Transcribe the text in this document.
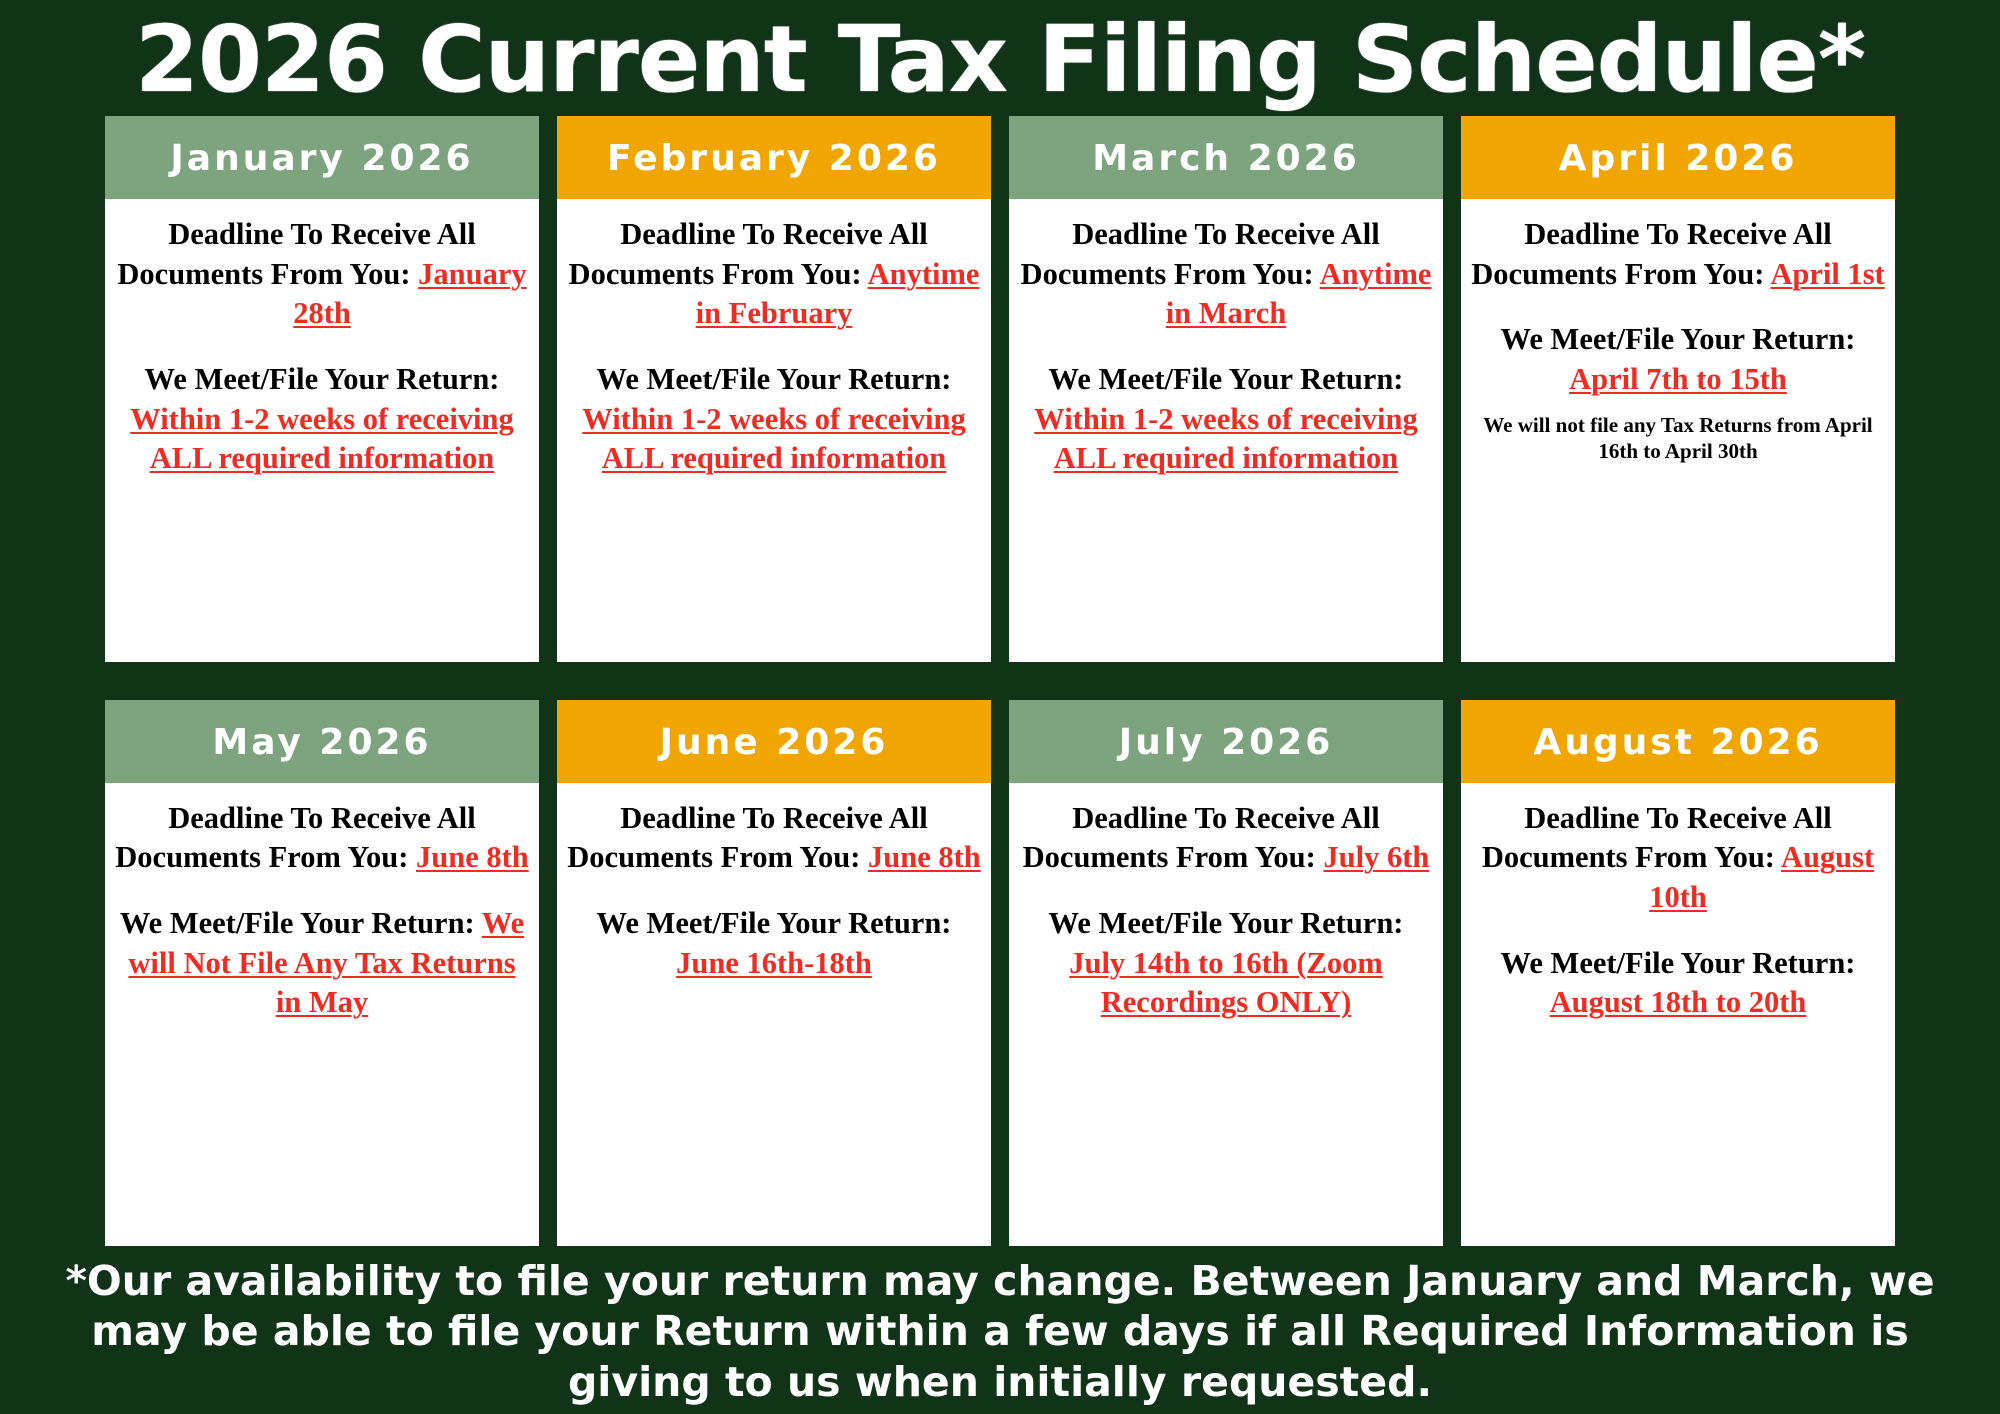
2026 Current Tax Filing Schedule*
January 2026
Deadline To Receive All Documents From You: January 28th
We Meet/File Your Return: Within 1-2 weeks of receiving ALL required information
February 2026
Deadline To Receive All Documents From You: Anytime in February
We Meet/File Your Return: Within 1-2 weeks of receiving ALL required information
March 2026
Deadline To Receive All Documents From You: Anytime in March
We Meet/File Your Return: Within 1-2 weeks of receiving ALL required information
April 2026
Deadline To Receive All Documents From You: April 1st
We Meet/File Your Return: April 7th to 15th
We will not file any Tax Returns from April 16th to April 30th
May 2026
Deadline To Receive All Documents From You: June 8th
We Meet/File Your Return: We will Not File Any Tax Returns in May
June 2026
Deadline To Receive All Documents From You: June 8th
We Meet/File Your Return: June 16th-18th
July 2026
Deadline To Receive All Documents From You: July 6th
We Meet/File Your Return: July 14th to 16th (Zoom Recordings ONLY)
August 2026
Deadline To Receive All Documents From You: August 10th
We Meet/File Your Return: August 18th to 20th
*Our availability to file your return may change. Between January and March, we may be able to file your Return within a few days if all Required Information is giving to us when initially requested.
